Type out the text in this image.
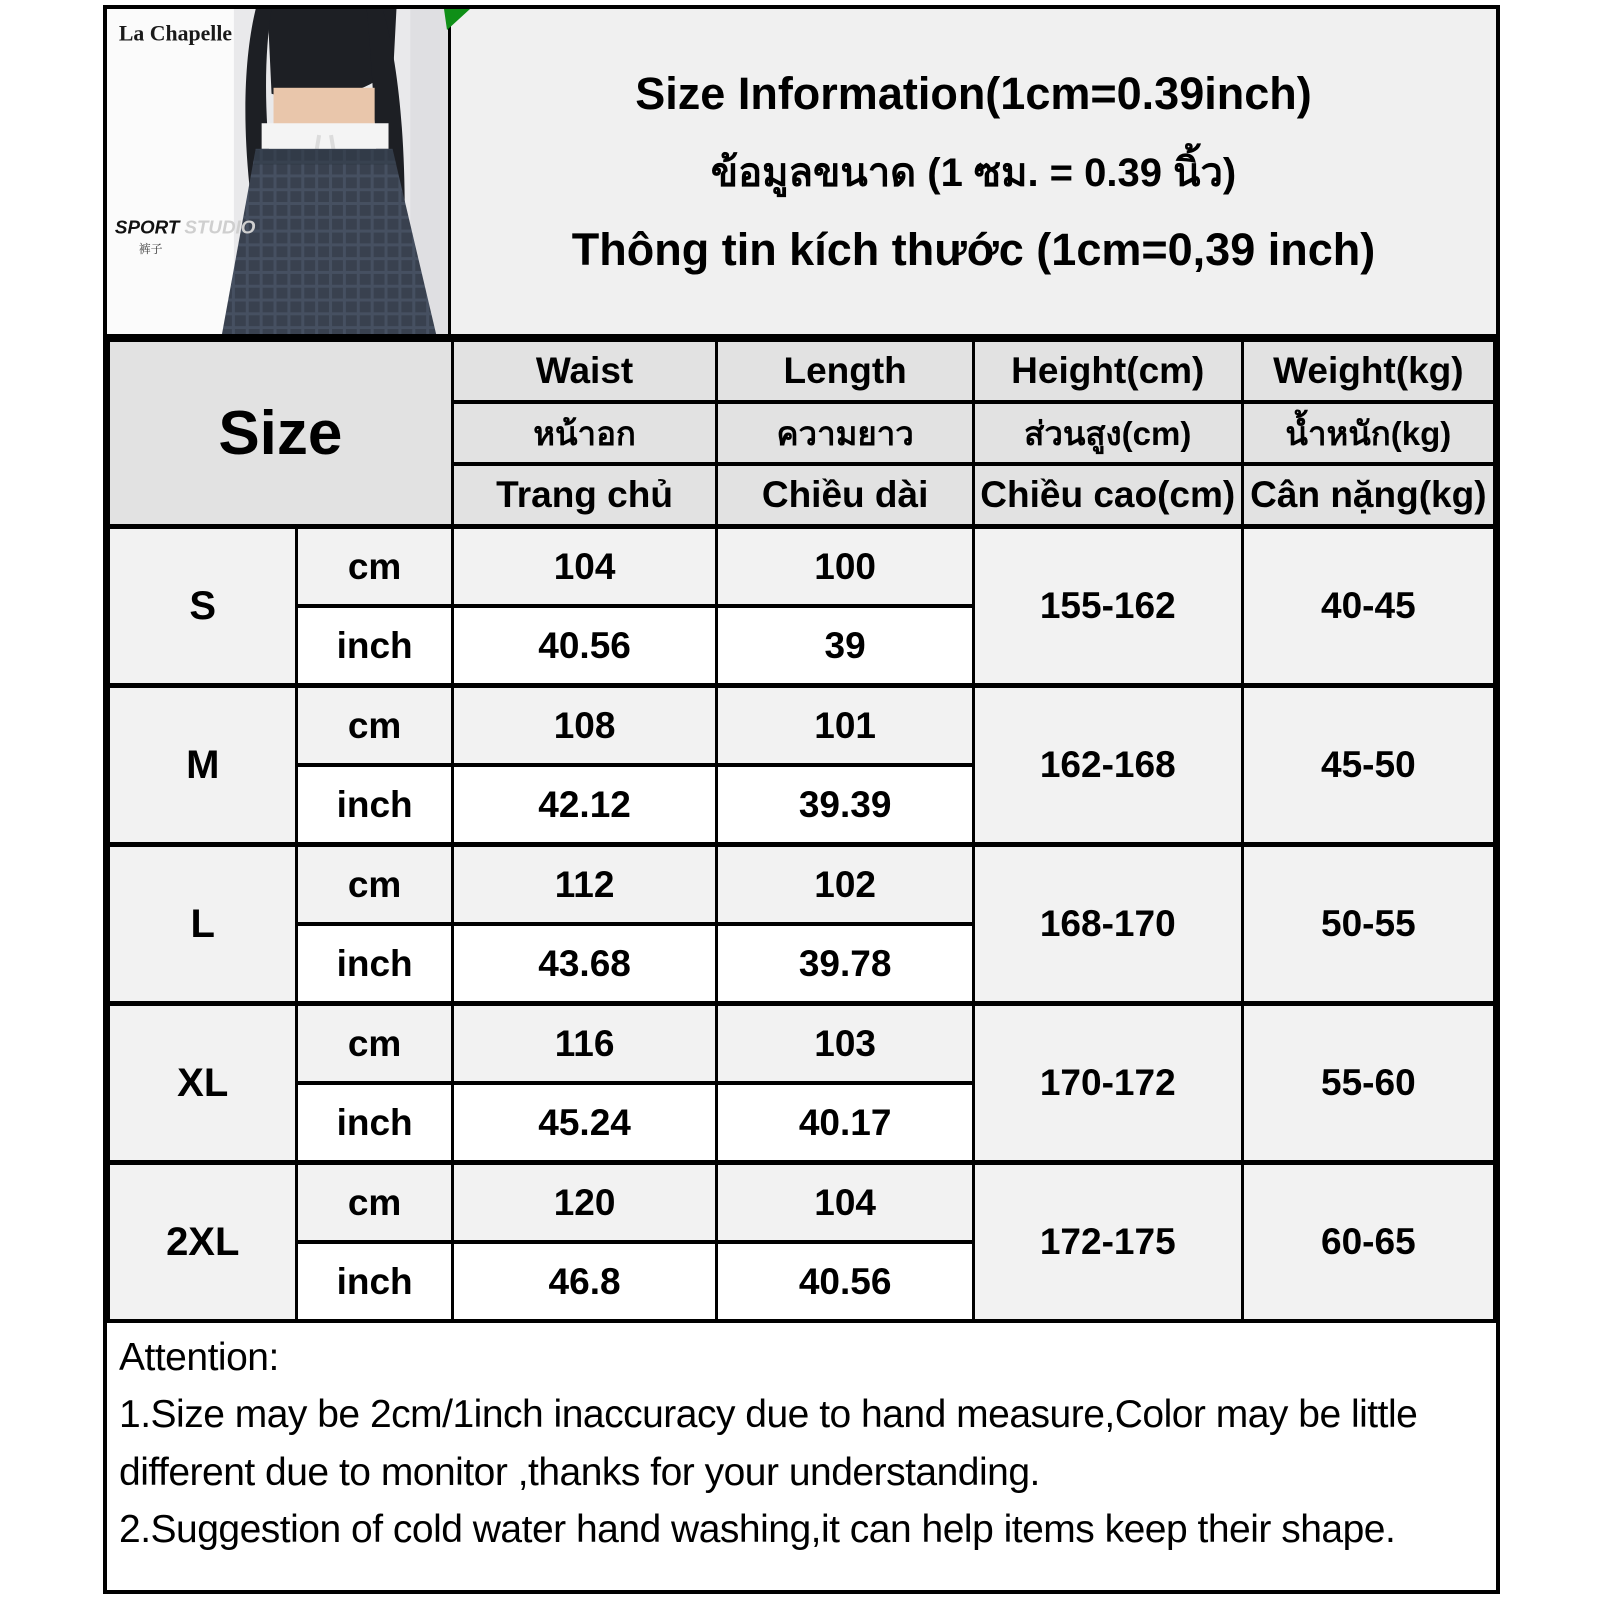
La Chapelle
SPORT STUDIO
裤子
Size Information(1cm=0.39inch)
ข้อมูลขนาด (1 ซม. = 0.39 นิ้ว)
Thông tin kích thước (1cm=0,39 inch)
Size		Waist	Length	Height(cm)	Weight(kg)
		หน้าอก	ความยาว	ส่วนสูง(cm)	น้ำหนัก(kg)
		Trang chủ	Chiều dài	Chiều cao(cm)	Cân nặng(kg)
S	cm	104	100	155-162	40-45
	inch	40.56	39		
M	cm	108	101	162-168	45-50
	inch	42.12	39.39		
L	cm	112	102	168-170	50-55
	inch	43.68	39.78		
XL	cm	116	103	170-172	55-60
	inch	45.24	40.17		
2XL	cm	120	104	172-175	60-65
	inch	46.8	40.56		

Attention:

1.Size may be 2cm/1inch inaccuracy due to hand measure,Color may be little different due to monitor ,thanks for your understanding.

2.Suggestion of cold water hand washing,it can help items keep their shape.
